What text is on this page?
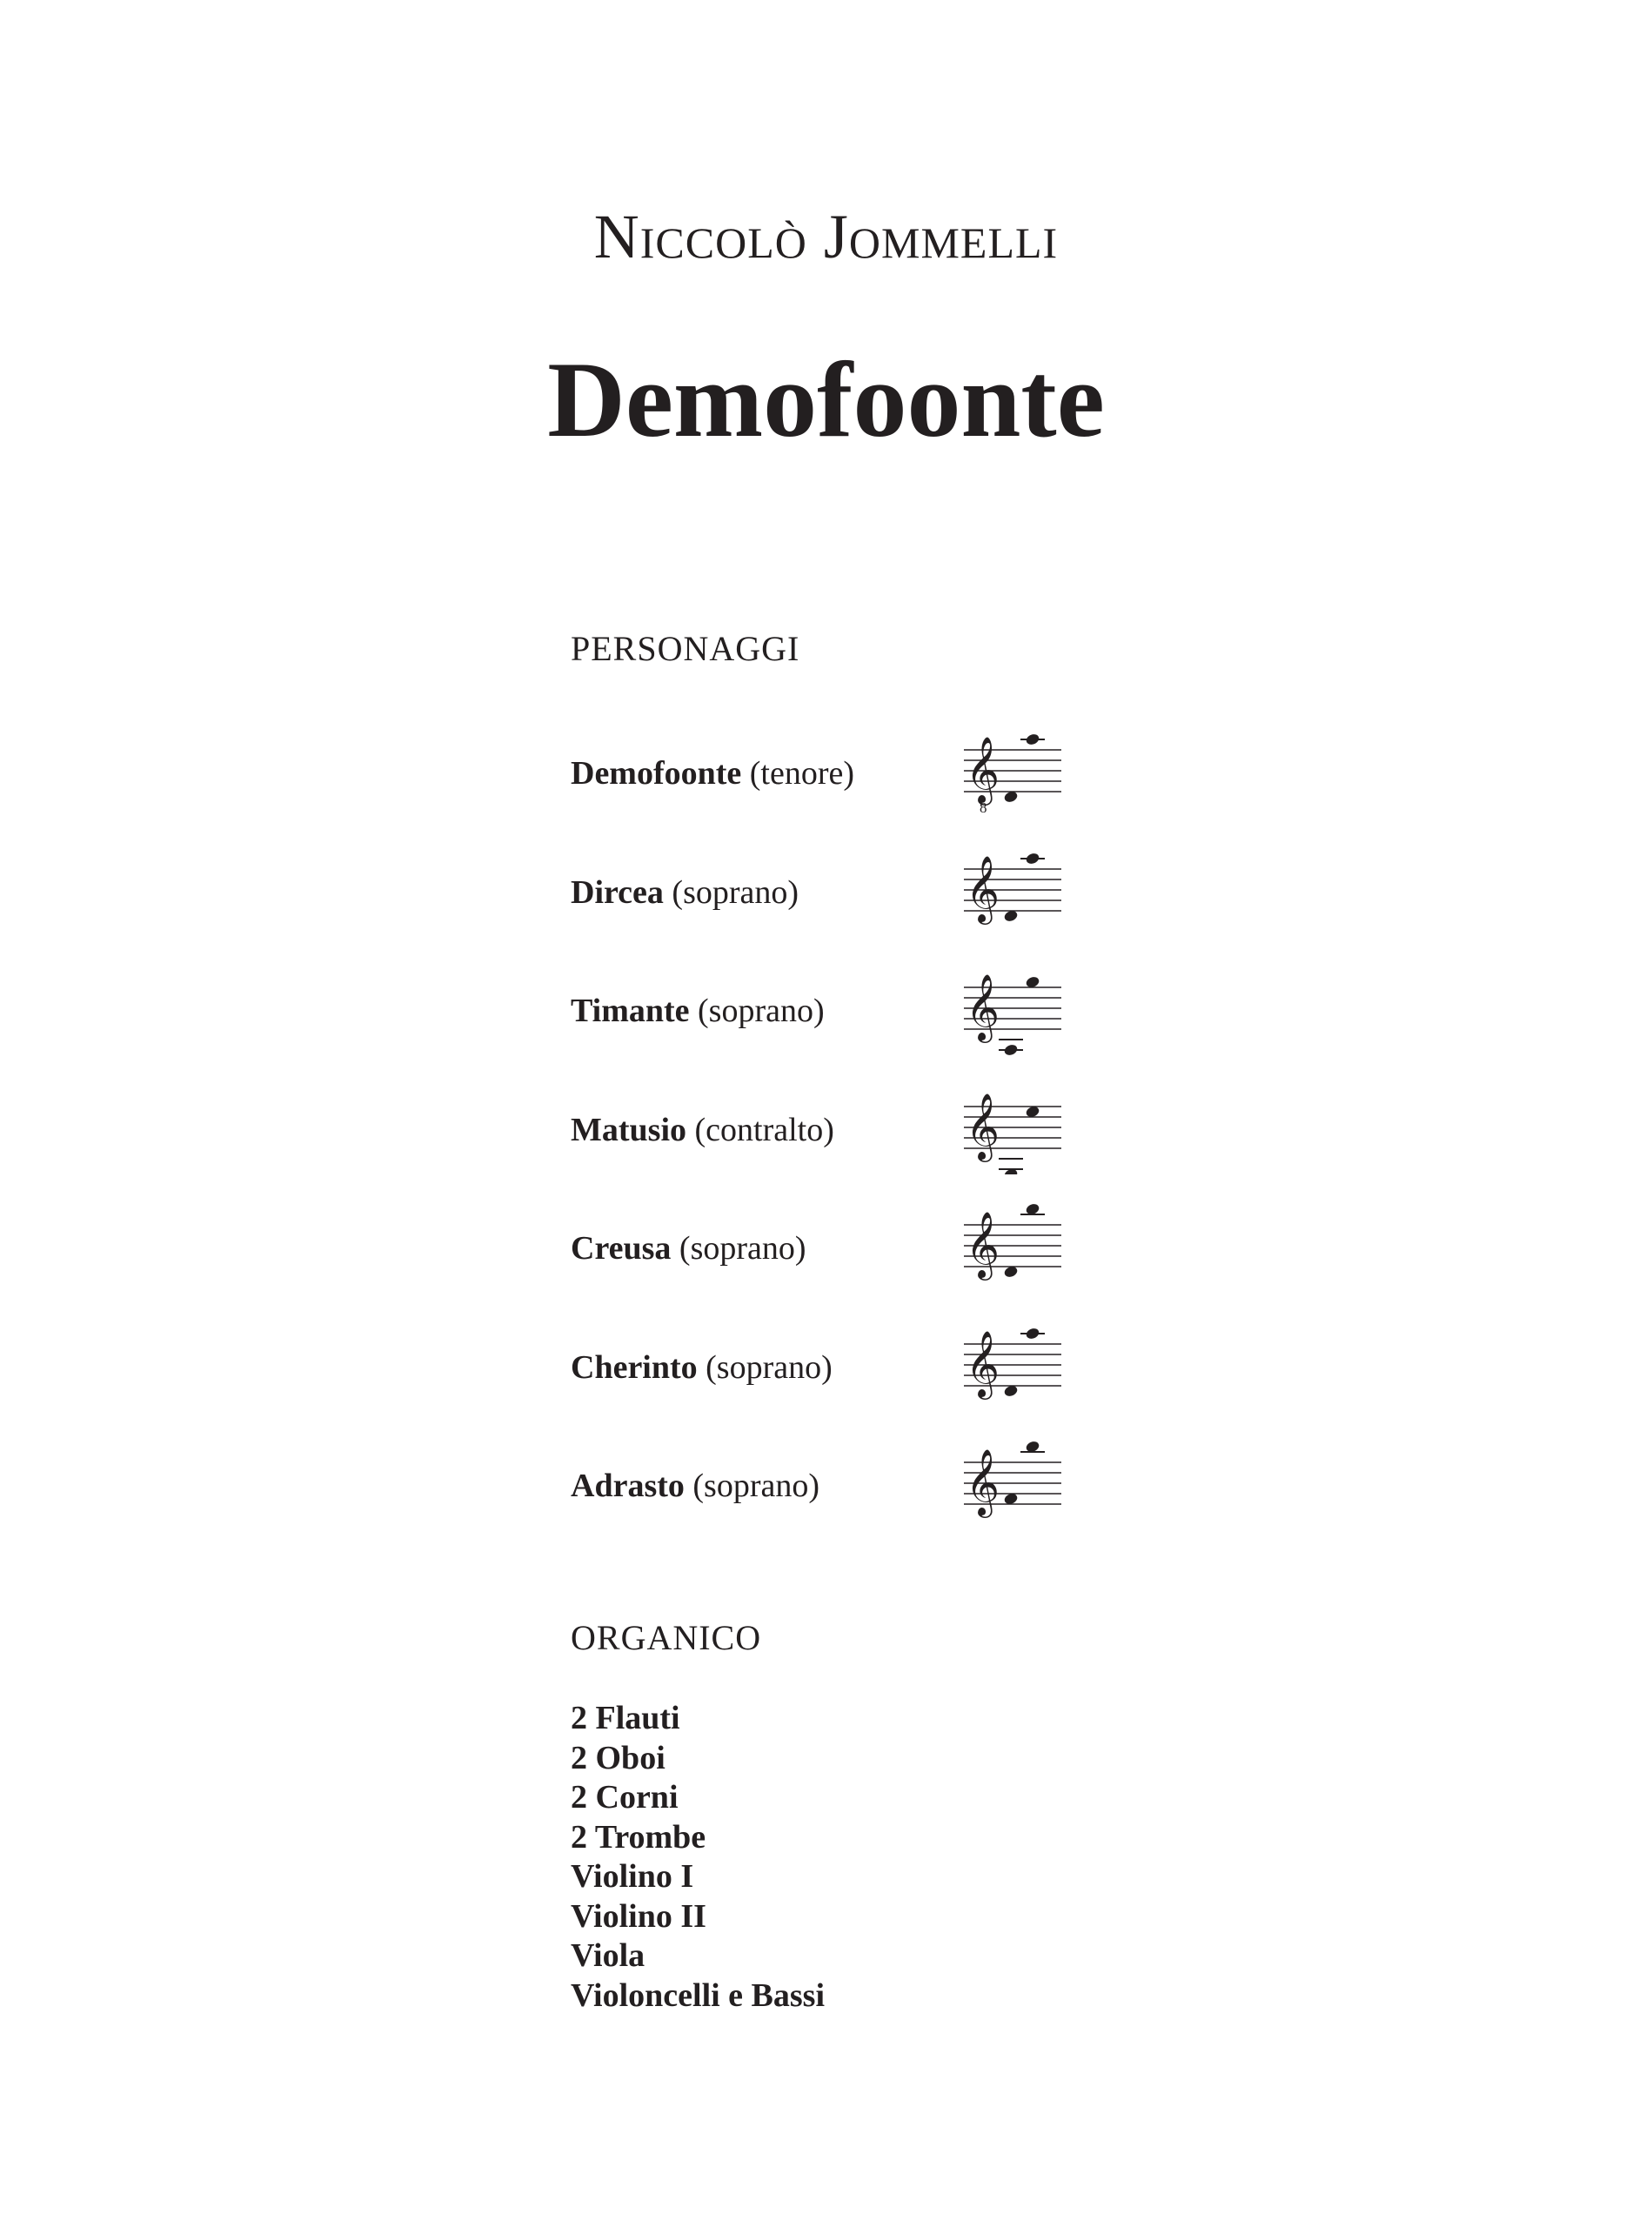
Niccolò Jommelli
Demofoonte
PERSONAGGI
Demofoonte (tenore) 𝄞
8
Dircea (soprano)	𝄞
Timante (soprano) 𝄞
Matusio (contralto) 𝄞
Creusa (soprano)	𝄞
Cherinto (soprano) 𝄞
Adrasto (soprano)	𝄞
ORGANICO
2 Flauti
2 Oboi
2 Corni
2 Trombe
Violino I
Violino II
Viola
Violoncelli e Bassi
